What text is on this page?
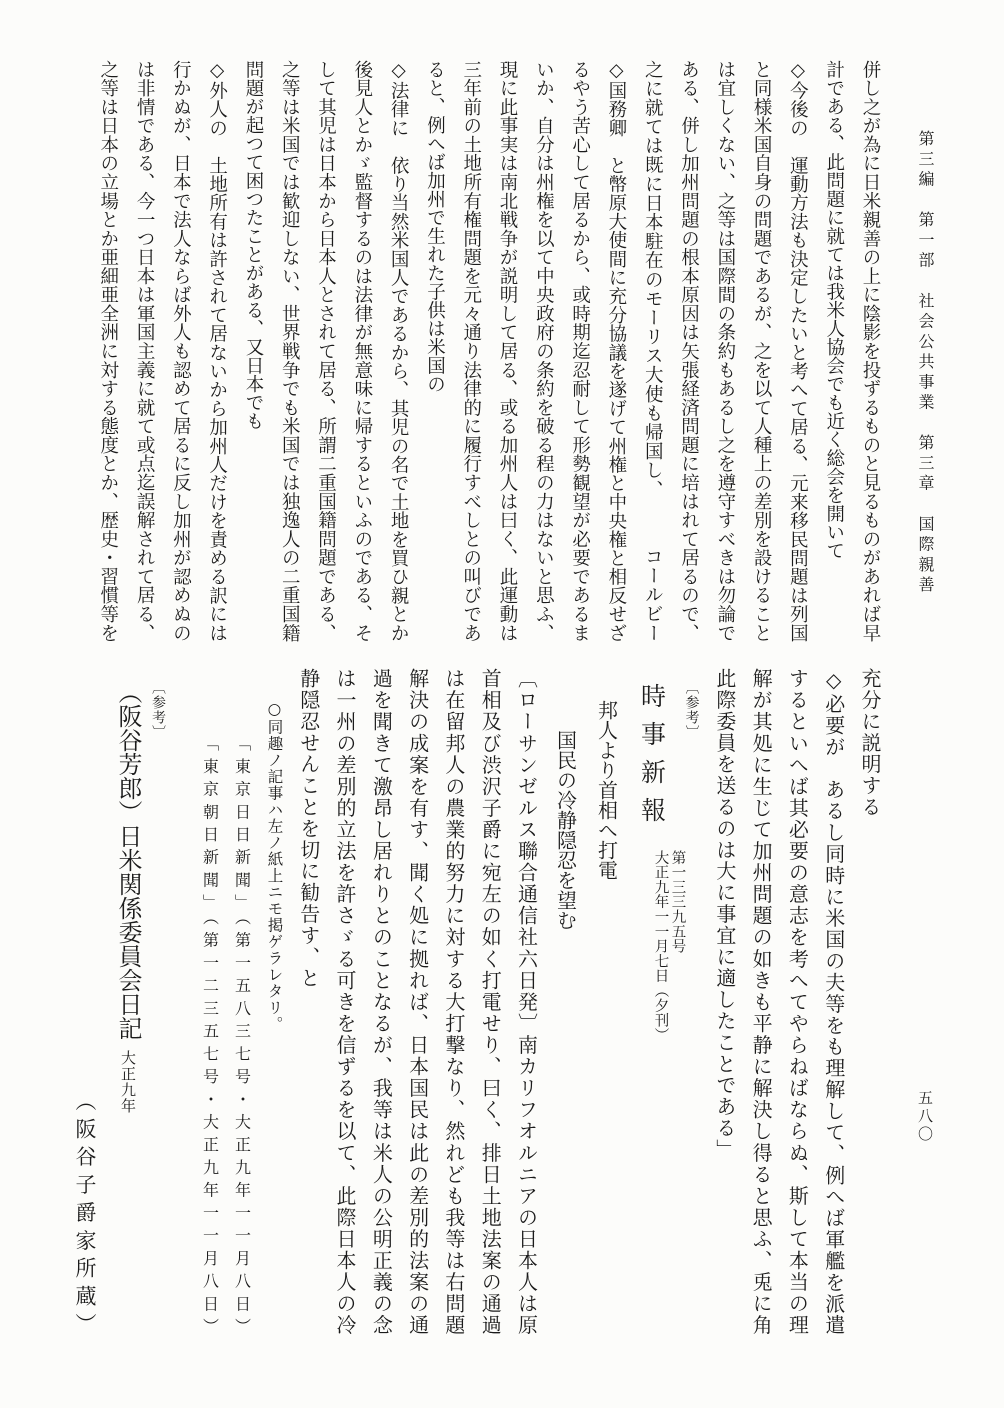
第三編　第一部　社会公共事業　第三章　国際親善
五八〇
併し之が為に日米親善の上に陰影を投ずるものと見るものがあれば早
計である、此問題に就ては我米人協会でも近く総会を開いて
◇今後の　運動方法も決定したいと考へて居る、元来移民問題は列国
と同様米国自身の問題であるが、之を以て人種上の差別を設けること
は宜しくない、之等は国際間の条約もあるし之を遵守すべきは勿論で
ある、併し加州問題の根本原因は矢張経済問題に培はれて居るので、
之に就ては既に日本駐在のモーリス大使も帰国し、　　　コールビー
◇国務卿　と幣原大使間に充分協議を遂げて州権と中央権と相反せざ
るやう苦心して居るから、或時期迄忍耐して形勢観望が必要であるま
いか、自分は州権を以て中央政府の条約を破る程の力はないと思ふ、
現に此事実は南北戦争が説明して居る、或る加州人は曰く、此運動は
三年前の土地所有権問題を元々通り法律的に履行すべしとの叫びであ
ると、例へば加州で生れた子供は米国の
◇法律に　依り当然米国人であるから、其児の名で土地を買ひ親とか
後見人とかゞ監督するのは法律が無意味に帰するといふのである、そ
して其児は日本から日本人とされて居る、所謂二重国籍問題である、
之等は米国では歓迎しない、世界戦争でも米国では独逸人の二重国籍
問題が起つて困つたことがある、又日本でも
◇外人の　土地所有は許されて居ないから加州人だけを責める訳には
行かぬが、日本で法人ならば外人も認めて居るに反し加州が認めぬの
は非情である、今一つ日本は軍国主義に就て或点迄誤解されて居る、
之等は日本の立場とか亜細亜全洲に対する態度とか、歴史・習慣等を
充分に説明する
◇必要が　あるし同時に米国の夫等をも理解して、例へば軍艦を派遣
するといへば其必要の意志を考へてやらねばならぬ、斯して本当の理
解が其処に生じて加州問題の如きも平静に解決し得ると思ふ、兎に角
此際委員を送るのは大に事宜に適したことである」
〔参考〕
時事新報
第一三三九五号
大正九年一一月七日（夕刊）
邦人より首相へ打電
国民の冷静隠忍を望む
〔ローサンゼルス聯合通信社六日発〕南カリフオルニアの日本人は原
首相及び渋沢子爵に宛左の如く打電せり、曰く、排日土地法案の通過
は在留邦人の農業的努力に対する大打撃なり、然れども我等は右問題
解決の成案を有す、聞く処に拠れば、日本国民は此の差別的法案の通
過を聞きて激昂し居れりとのことなるが、我等は米人の公明正義の念
は一州の差別的立法を許さゞる可きを信ずるを以て、此際日本人の冷
静隠忍せんことを切に勧告す、と
○同趣ノ記事ハ左ノ紙上ニモ掲ゲラレタリ。
「東京日日新聞」（第一五八三七号・大正九年一一月八日）
「東京朝日新聞」（第一二三五七号・大正九年一一月八日）
〔参考〕
（阪谷芳郎）日米関係委員会日記大正九年
（阪谷子爵家所蔵）
